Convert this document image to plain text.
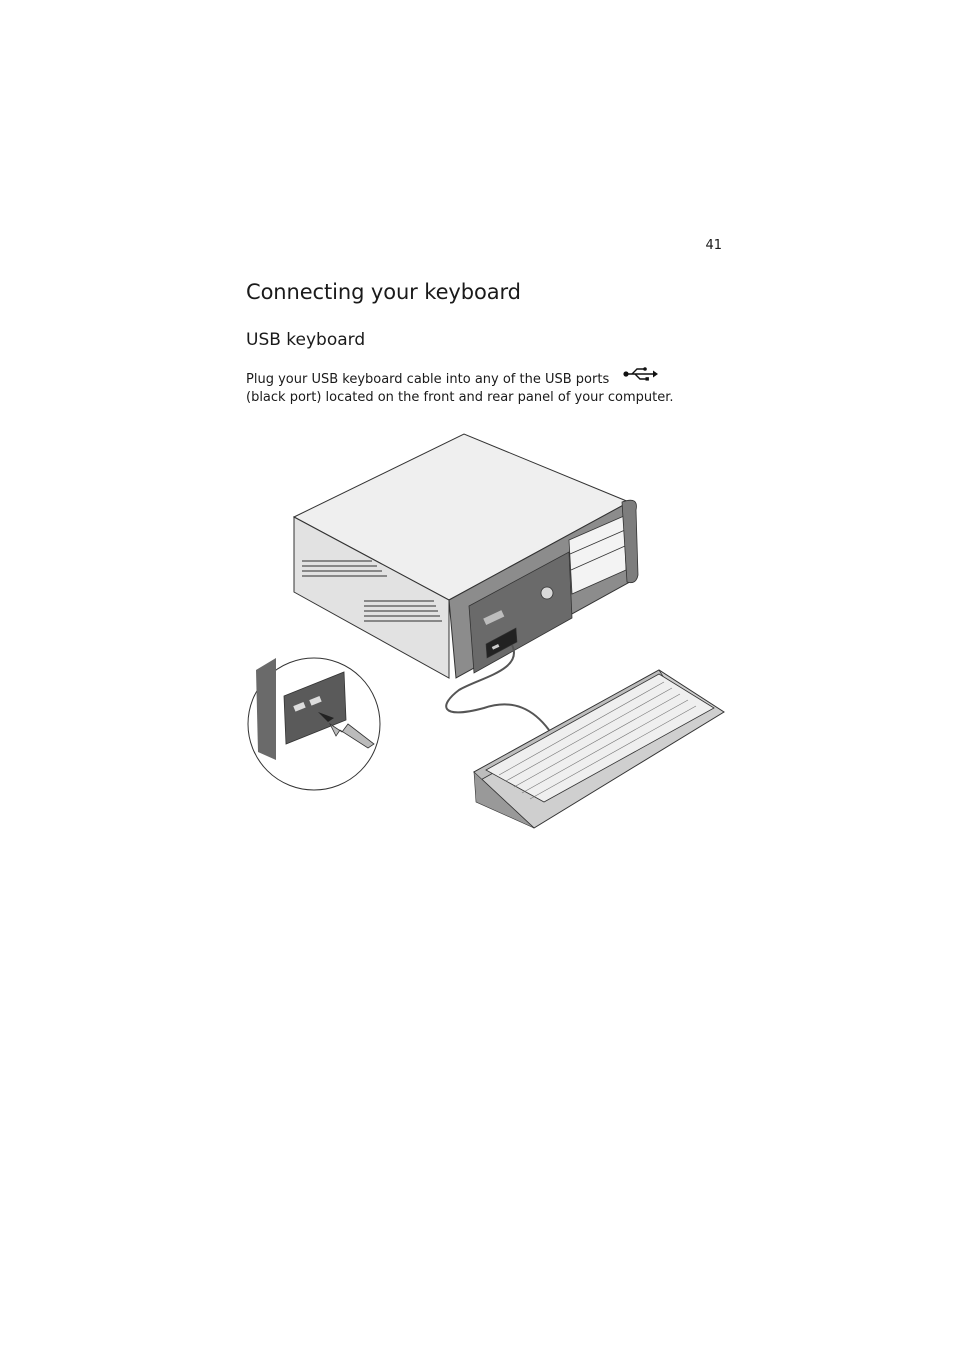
41
Connecting your keyboard
USB keyboard
Plug your USB keyboard cable into any of the USB ports
(black port) located on the front and rear panel of your computer.
